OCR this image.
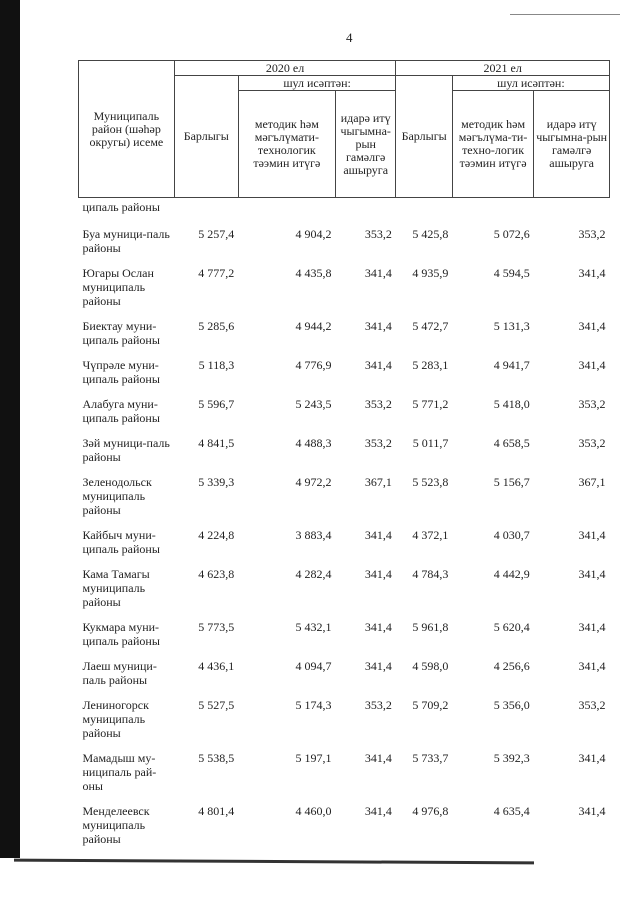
4
Муниципаль район (шәһәр округы) исеме	2020 ел			2021 ел		
	Барлыгы	шул исәптән:		Барлыгы	шул исәптән:	
		методик һәм мәгълүмати-технологик тәэмин итүгә	идарә итү чыгымна-рын гамәлгә ашыруга		методик һәм мәгълүма-ти-техно-логик тәэмин итүгә	идарә итү чыгымна-рын гамәлгә ашыруга
ципаль районы						
Буа муници-паль районы	5 257,4	4 904,2	353,2	5 425,8	5 072,6	353,2
Югары Ослан муниципаль районы	4 777,2	4 435,8	341,4	4 935,9	4 594,5	341,4
Биектау муни-ципаль районы	5 285,6	4 944,2	341,4	5 472,7	5 131,3	341,4
Чүпрәле муни-ципаль районы	5 118,3	4 776,9	341,4	5 283,1	4 941,7	341,4
Алабуга муни-ципаль районы	5 596,7	5 243,5	353,2	5 771,2	5 418,0	353,2
Зәй муници-паль районы	4 841,5	4 488,3	353,2	5 011,7	4 658,5	353,2
Зеленодольск муниципаль районы	5 339,3	4 972,2	367,1	5 523,8	5 156,7	367,1
Кайбыч муни-ципаль районы	4 224,8	3 883,4	341,4	4 372,1	4 030,7	341,4
Кама Тамагы муниципаль районы	4 623,8	4 282,4	341,4	4 784,3	4 442,9	341,4
Кукмара муни-ципаль районы	5 773,5	5 432,1	341,4	5 961,8	5 620,4	341,4
Лаеш муници-паль районы	4 436,1	4 094,7	341,4	4 598,0	4 256,6	341,4
Лениногорск муниципаль районы	5 527,5	5 174,3	353,2	5 709,2	5 356,0	353,2
Мамадыш му-ниципаль рай-оны	5 538,5	5 197,1	341,4	5 733,7	5 392,3	341,4
Менделеевск муниципаль районы	4 801,4	4 460,0	341,4	4 976,8	4 635,4	341,4
